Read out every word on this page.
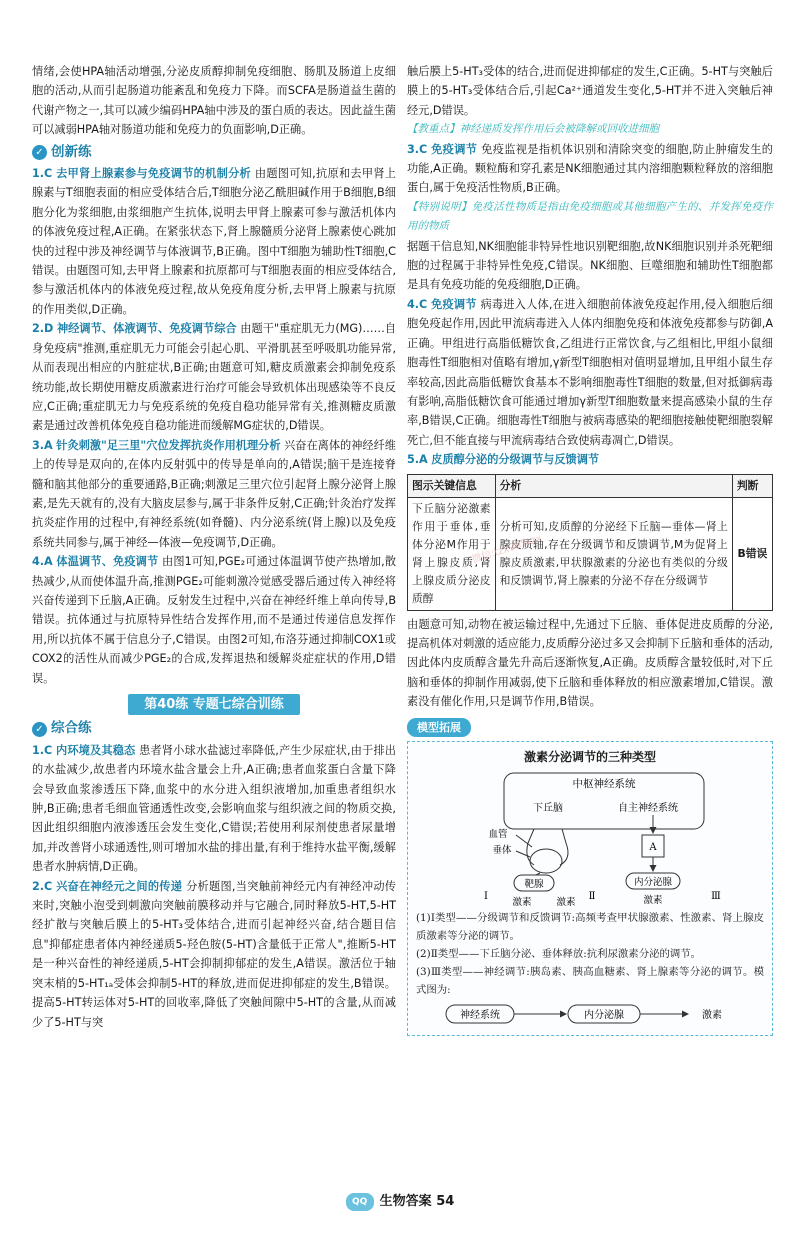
情绪,会使HPA轴活动增强,分泌皮质醇抑制免疫细胞、肠肌及肠道上皮细胞的活动,从而引起肠道功能紊乱和免疫力下降。而SCFA是肠道益生菌的代谢产物之一,其可以减少编码HPA轴中涉及的蛋白质的表达。因此益生菌可以减弱HPA轴对肠道功能和免疫力的负面影响,D正确。

✓ 创新练

1.C 去甲肾上腺素参与免疫调节的机制分析 由题图可知,抗原和去甲肾上腺素与T细胞表面的相应受体结合后,T细胞分泌乙酰胆碱作用于B细胞,B细胞分化为浆细胞,由浆细胞产生抗体,说明去甲肾上腺素可参与激活机体内的体液免疫过程,A正确。在紧张状态下,肾上腺髓质分泌肾上腺素使心跳加快的过程中涉及神经调节与体液调节,B正确。图中T细胞为辅助性T细胞,C错误。由题图可知,去甲肾上腺素和抗原都可与T细胞表面的相应受体结合,参与激活机体内的体液免疫过程,故从免疫角度分析,去甲肾上腺素与抗原的作用类似,D正确。

2.D 神经调节、体液调节、免疫调节综合 由题干"重症肌无力(MG)……自身免疫病"推测,重症肌无力可能会引起心肌、平滑肌甚至呼吸肌功能异常,从而表现出相应的内脏症状,B正确;由题意可知,糖皮质激素会抑制免疫系统功能,故长期使用糖皮质激素进行治疗可能会导致机体出现感染等不良反应,C正确;重症肌无力与免疫系统的免疫自稳功能异常有关,推测糖皮质激素是通过改善机体免疫自稳功能进而缓解MG症状的,D错误。

3.A 针灸刺激"足三里"穴位发挥抗炎作用机理分析 兴奋在离体的神经纤维上的传导是双向的,在体内反射弧中的传导是单向的,A错误;脑干是连接脊髓和脑其他部分的重要通路,B正确;刺激足三里穴位引起肾上腺分泌肾上腺素,是先天就有的,没有大脑皮层参与,属于非条件反射,C正确;针灸治疗发挥抗炎症作用的过程中,有神经系统(如脊髓)、内分泌系统(肾上腺)以及免疫系统共同参与,属于神经—体液—免疫调节,D正确。

4.A 体温调节、免疫调节 由图1可知,PGE₂可通过体温调节使产热增加,散热减少,从而使体温升高,推测PGE₂可能刺激冷觉感受器后通过传入神经将兴奋传递到下丘脑,A正确。反射发生过程中,兴奋在神经纤维上单向传导,B错误。抗体通过与抗原特异性结合发挥作用,而不是通过传递信息发挥作用,所以抗体不属于信息分子,C错误。由图2可知,布洛芬通过抑制COX1或COX2的活性从而减少PGE₂的合成,发挥退热和缓解炎症症状的作用,D错误。

第40练 专题七综合训练
✓ 综合练

1.C 内环境及其稳态 患者肾小球水盐滤过率降低,产生少尿症状,由于排出的水盐减少,故患者内环境水盐含量会上升,A正确;患者血浆蛋白含量下降会导致血浆渗透压下降,血浆中的水分进入组织液增加,加重患者组织水肿,B正确;患者毛细血管通透性改变,会影响血浆与组织液之间的物质交换,因此组织细胞内液渗透压会发生变化,C错误;若使用利尿剂使患者尿量增加,并改善肾小球通透性,则可增加水盐的排出量,有利于维持水盐平衡,缓解患者水肿病情,D正确。

2.C 兴奋在神经元之间的传递 分析题图,当突触前神经元内有神经冲动传来时,突触小泡受到刺激向突触前膜移动并与它融合,同时释放5-HT,5-HT经扩散与突触后膜上的5-HT₃受体结合,进而引起神经兴奋,结合题目信息"抑郁症患者体内神经递质5-羟色胺(5-HT)含量低于正常人",推断5-HT是一种兴奋性的神经递质,5-HT会抑制抑郁症的发生,A错误。激活位于轴突末梢的5-HT₁ₐ受体会抑制5-HT的释放,进而促进抑郁症的发生,B错误。提高5-HT转运体对5-HT的回收率,降低了突触间隙中5-HT的含量,从而减少了5-HT与突

触后膜上5-HT₃受体的结合,进而促进抑郁症的发生,C正确。5-HT与突触后膜上的5-HT₃受体结合后,引起Ca²⁺通道发生变化,5-HT并不进入突触后神经元,D错误。

【教重点】神经递质发挥作用后会被降解或回收进细胞

3.C 免疫调节 免疫监视是指机体识别和清除突变的细胞,防止肿瘤发生的功能,A正确。颗粒酶和穿孔素是NK细胞通过其内溶细胞颗粒释放的溶细胞蛋白,属于免疫活性物质,B正确。

【特别说明】免疫活性物质是指由免疫细胞或其他细胞产生的、并发挥免疫作用的物质

据题干信息知,NK细胞能非特异性地识别靶细胞,故NK细胞识别并杀死靶细胞的过程属于非特异性免疫,C错误。NK细胞、巨噬细胞和辅助性T细胞都是具有免疫功能的免疫细胞,D正确。

4.C 免疫调节 病毒进入人体,在进入细胞前体液免疫起作用,侵入细胞后细胞免疫起作用,因此甲流病毒进入人体内细胞免疫和体液免疫都参与防御,A正确。甲组进行高脂低糖饮食,乙组进行正常饮食,与乙组相比,甲组小鼠细胞毒性T细胞相对值略有增加,γ新型T细胞相对值明显增加,且甲组小鼠生存率较高,因此高脂低糖饮食基本不影响细胞毒性T细胞的数量,但对抵御病毒有影响,高脂低糖饮食可能通过增加γ新型T细胞数量来提高感染小鼠的生存率,B错误,C正确。细胞毒性T细胞与被病毒感染的靶细胞接触使靶细胞裂解死亡,但不能直接与甲流病毒结合致使病毒凋亡,D错误。

5.A 皮质醇分泌的分级调节与反馈调节

图示关键信息	分析	判断
下丘脑分泌激素作用于垂体,垂体分泌M作用于肾上腺皮质,肾上腺皮质分泌皮质醇	分析可知,皮质醇的分泌经下丘脑—垂体—肾上腺皮质轴,存在分级调节和反馈调节,M为促肾上腺皮质激素,甲状腺激素的分泌也有类似的分级和反馈调节,肾上腺素的分泌不存在分级调节	B错误

由题意可知,动物在被运输过程中,先通过下丘脑、垂体促进皮质醇的分泌,提高机体对刺激的适应能力,皮质醇分泌过多又会抑制下丘脑和垂体的活动,因此体内皮质醇含量先升高后逐渐恢复,A正确。皮质醇含量较低时,对下丘脑和垂体的抑制作用减弱,使下丘脑和垂体释放的相应激素增加,C错误。激素没有催化作用,只是调节作用,B错误。

模型拓展

激素分泌调节的三种类型

中枢神经系统
下丘脑	自主神经系统
血管
垂体	A
靶腺	内分泌腺
激素	激素	激素	Ⅲ
Ⅰ	Ⅱ

(1)Ⅰ类型——分级调节和反馈调节:高频考查甲状腺激素、性激素、肾上腺皮质激素等分泌的调节。

(2)Ⅱ类型——下丘脑分泌、垂体释放:抗利尿激素分泌的调节。

(3)Ⅲ类型——神经调节:胰岛素、胰高血糖素、肾上腺素等分泌的调节。模式图为:

神经系统	内分泌腺	激素
微信:tzx985tzx
QQ 生物答案 54
